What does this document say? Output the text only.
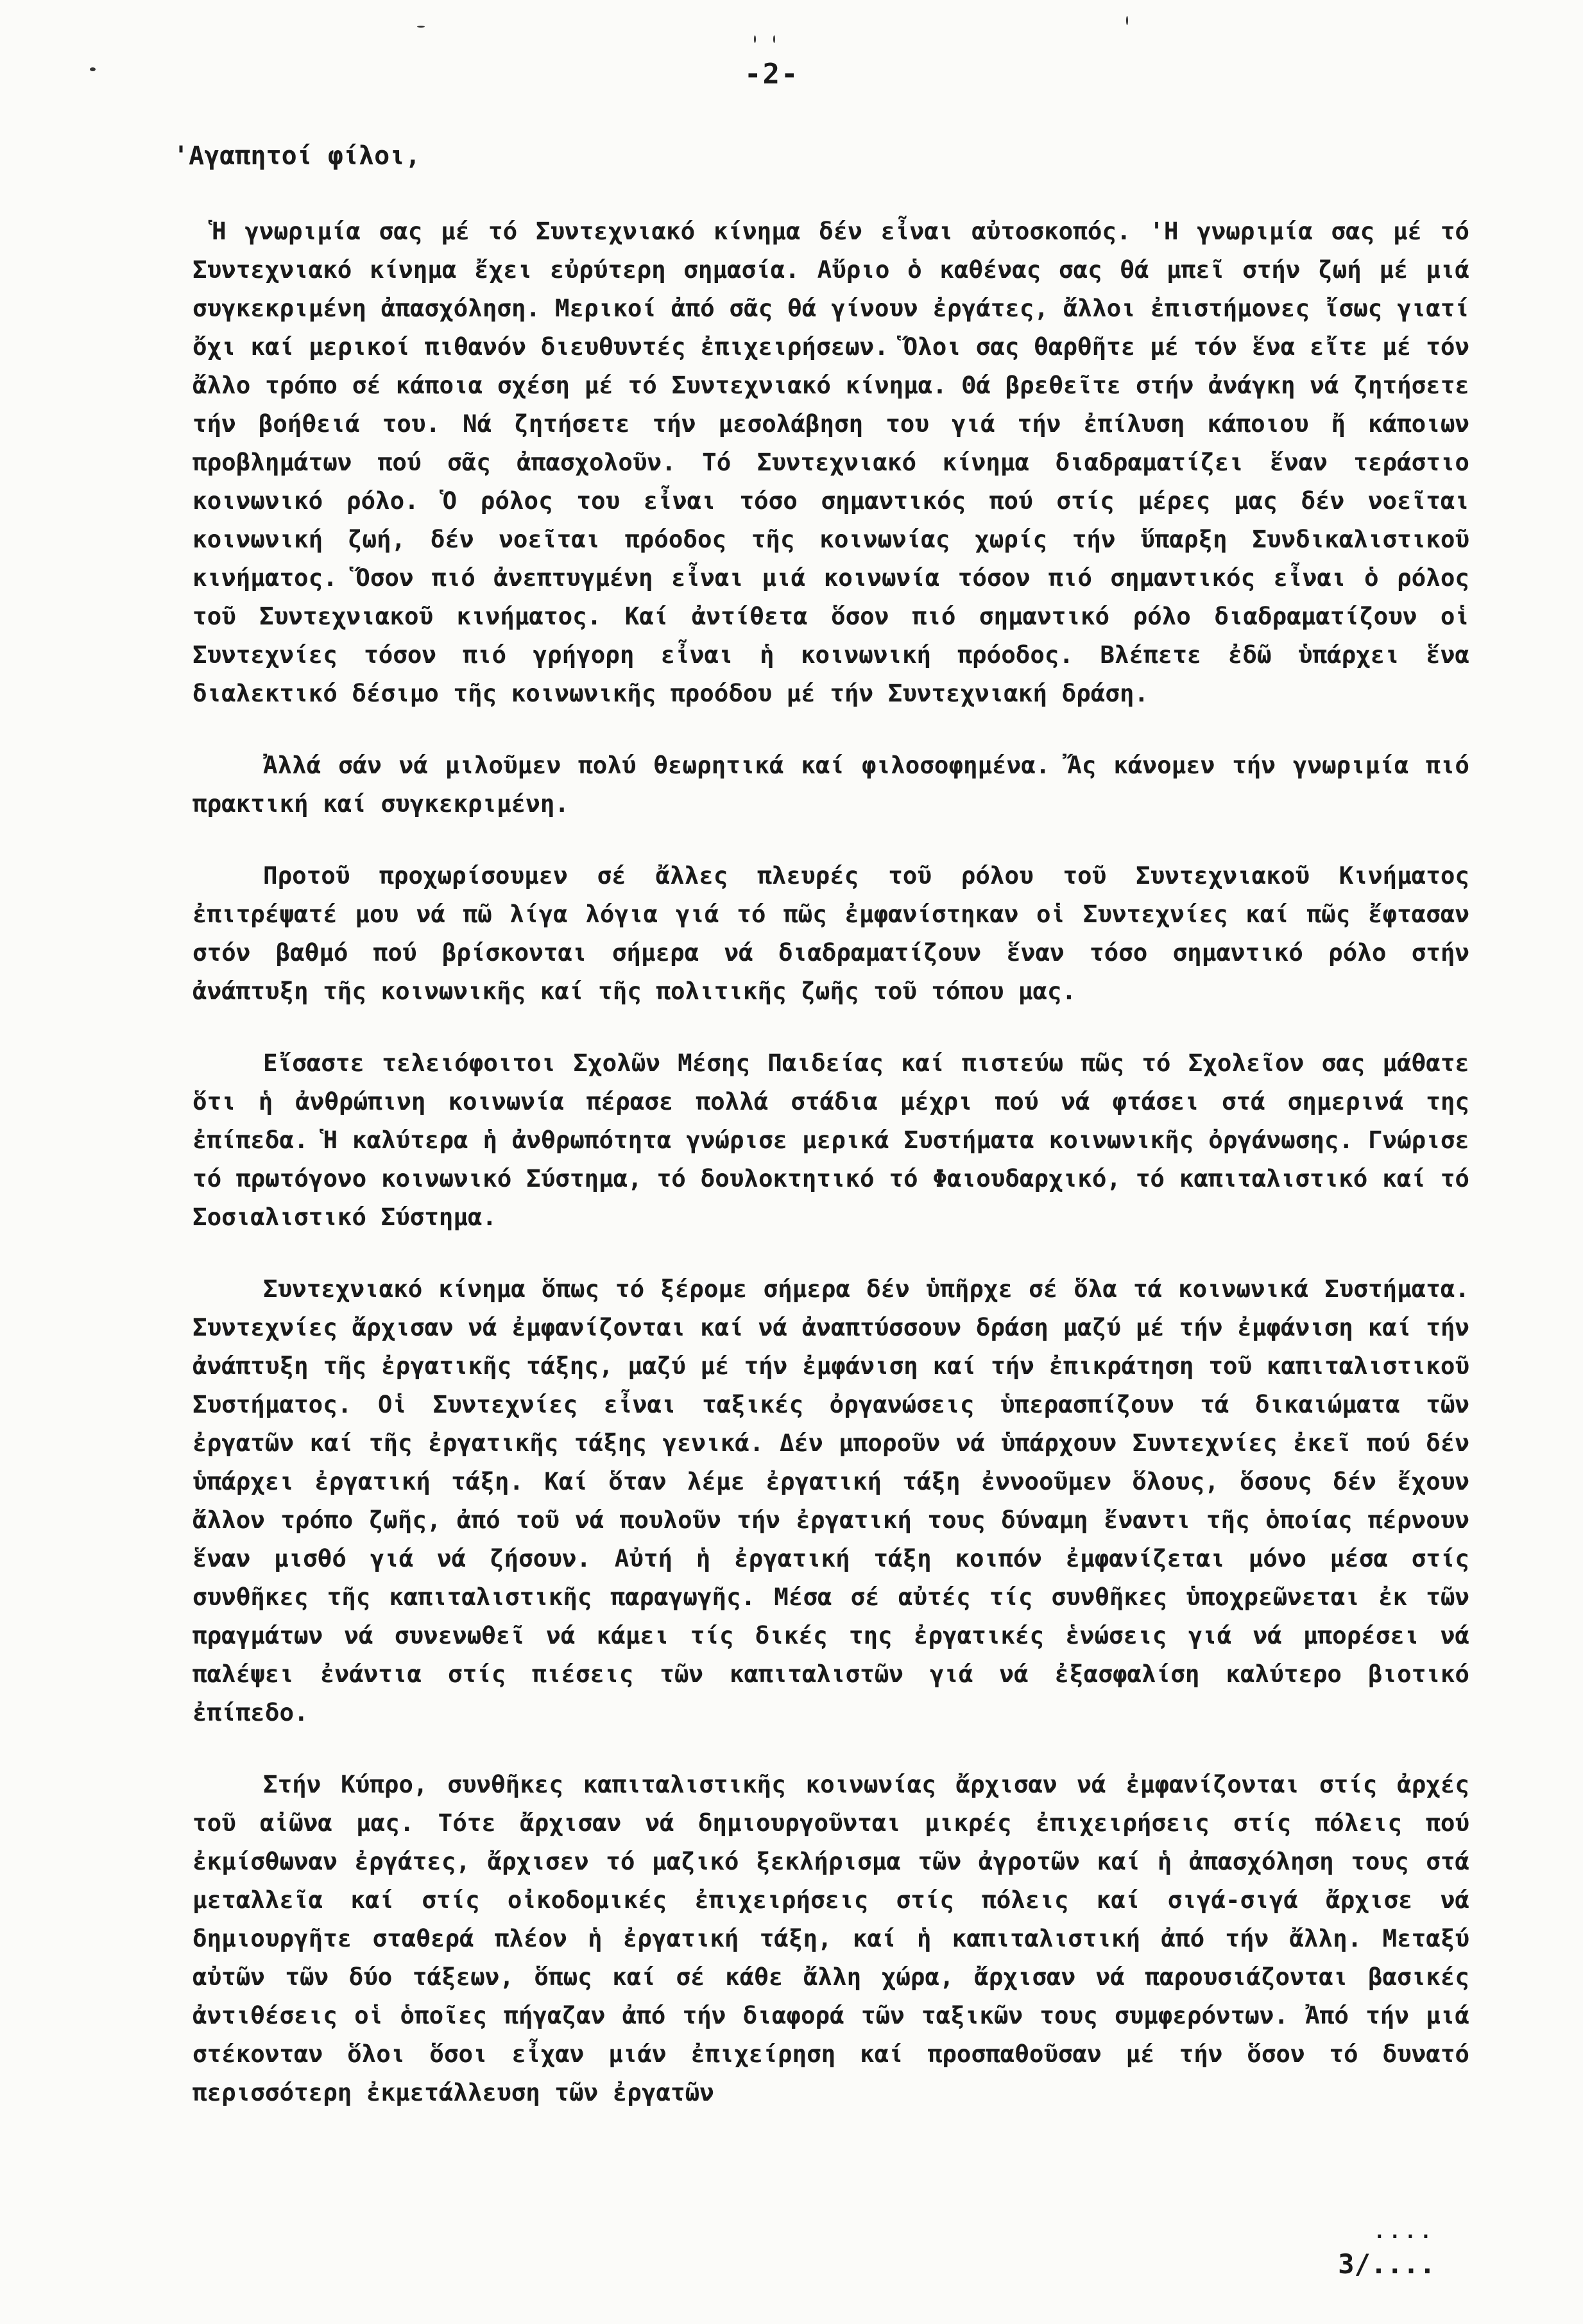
-2-
'Αγαπητοί φίλοι,

Ἡ γνωριμία σας μέ τό Συντεχνιακό κίνημα δέν εἶναι αὐτοσκοπός. 'Η γνωριμία σας μέ τό Συντεχνιακό κίνημα ἔχει εὐρύτερη σημασία. Αὔριο ὁ καθένας σας θά μπεῖ στήν ζωή μέ μιά συγκεκριμένη ἀπασχόληση. Μερικοί ἀπό σᾶς θά γίνουν ἐργάτες, ἄλλοι ἐπιστήμονες ἴσως γιατί ὄχι καί μερικοί πιθανόν διευθυντές ἐπιχειρήσεων. Ὅλοι σας θαρθῆτε μέ τόν ἕνα εἴτε μέ τόν ἄλλο τρόπο σέ κάποια σχέση μέ τό Συντεχνιακό κίνημα. Θά βρεθεῖτε στήν ἀνάγκη νά ζητήσετε τήν βοήθειά του. Νά ζητήσετε τήν μεσολάβηση του γιά τήν ἐπίλυση κάποιου ἤ κάποιων προβλημάτων πού σᾶς ἀπασχολοῦν. Τό Συντεχνιακό κίνημα διαδραματίζει ἕναν τεράστιο κοινωνικό ρόλο. Ὁ ρόλος του εἶναι τόσο σημαντικός πού στίς μέρες μας δέν νοεῖται κοινωνική ζωή, δέν νοεῖται πρόοδος τῆς κοινωνίας χωρίς τήν ὕπαρξη Συνδικαλιστικοῦ κινήματος. Ὅσον πιό ἀνεπτυγμένη εἶναι μιά κοινωνία τόσον πιό σημαντικός εἶναι ὁ ρόλος τοῦ Συντεχνιακοῦ κινήματος. Καί ἀντίθετα ὅσον πιό σημαντικό ρόλο διαδραματίζουν οἱ Συντεχνίες τόσον πιό γρήγορη εἶναι ἡ κοινωνική πρόοδος. Βλέπετε ἐδῶ ὑπάρχει ἕνα διαλεκτικό δέσιμο τῆς κοινωνικῆς προόδου μέ τήν Συντεχνιακή δράση.

Ἀλλά σάν νά μιλοῦμεν πολύ θεωρητικά καί φιλοσοφημένα. Ἄς κάνομεν τήν γνωριμία πιό πρακτική καί συγκεκριμένη.

Προτοῦ προχωρίσουμεν σέ ἄλλες πλευρές τοῦ ρόλου τοῦ Συντεχνιακοῦ Κινήματος ἐπιτρέψατέ μου νά πῶ λίγα λόγια γιά τό πῶς ἐμφανίστηκαν οἱ Συντεχνίες καί πῶς ἔφτασαν στόν βαθμό πού βρίσκονται σήμερα νά διαδραματίζουν ἕναν τόσο σημαντικό ρόλο στήν ἀνάπτυξη τῆς κοινωνικῆς καί τῆς πολιτικῆς ζωῆς τοῦ τόπου μας.

Εἴσαστε τελειόφοιτοι Σχολῶν Μέσης Παιδείας καί πιστεύω πῶς τό Σχολεῖον σας μάθατε ὅτι ἡ ἀνθρώπινη κοινωνία πέρασε πολλά στάδια μέχρι πού νά φτάσει στά σημερινά της ἐπίπεδα. Ἡ καλύτερα ἡ ἀνθρωπότητα γνώρισε μερικά Συστήματα κοινωνικῆς ὀργάνωσης. Γνώρισε τό πρωτόγονο κοινωνικό Σύστημα, τό δουλοκτητικό τό Φαιουδαρχικό, τό καπιταλιστικό καί τό Σοσιαλιστικό Σύστημα.

Συντεχνιακό κίνημα ὅπως τό ξέρομε σήμερα δέν ὑπῆρχε σέ ὅλα τά κοινωνικά Συστήματα. Συντεχνίες ἄρχισαν νά ἐμφανίζονται καί νά ἀναπτύσσουν δράση μαζύ μέ τήν ἐμφάνιση καί τήν ἀνάπτυξη τῆς ἐργατικῆς τάξης, μαζύ μέ τήν ἐμφάνιση καί τήν ἐπικράτηση τοῦ καπιταλιστικοῦ Συστήματος. Οἱ Συντεχνίες εἶναι ταξικές ὀργανώσεις ὑπερασπίζουν τά δικαιώματα τῶν ἐργατῶν καί τῆς ἐργατικῆς τάξης γενικά. Δέν μποροῦν νά ὑπάρχουν Συντεχνίες ἐκεῖ πού δέν ὑπάρχει ἐργατική τάξη. Καί ὅταν λέμε ἐργατική τάξη ἐννοοῦμεν ὅλους, ὅσους δέν ἔχουν ἄλλον τρόπο ζωῆς, ἀπό τοῦ νά πουλοῦν τήν ἐργατική τους δύναμη ἔναντι τῆς ὁποίας πέρνουν ἕναν μισθό γιά νά ζήσουν. Αὐτή ἡ ἐργατική τάξη κοιπόν ἐμφανίζεται μόνο μέσα στίς συνθῆκες τῆς καπιταλιστικῆς παραγωγῆς. Μέσα σέ αὐτές τίς συνθῆκες ὑποχρεῶνεται ἐκ τῶν πραγμάτων νά συνενωθεῖ νά κάμει τίς δικές της ἐργατικές ἑνώσεις γιά νά μπορέσει νά παλέψει ἐνάντια στίς πιέσεις τῶν καπιταλιστῶν γιά νά ἐξασφαλίση καλύτερο βιοτικό ἐπίπεδο.

Στήν Κύπρο, συνθῆκες καπιταλιστικῆς κοινωνίας ἄρχισαν νά ἐμφανίζονται στίς ἀρχές τοῦ αἰῶνα μας. Τότε ἄρχισαν νά δημιουργοῦνται μικρές ἐπιχειρήσεις στίς πόλεις πού ἐκμίσθωναν ἐργάτες, ἄρχισεν τό μαζικό ξεκλήρισμα τῶν ἀγροτῶν καί ἡ ἀπασχόληση τους στά μεταλλεῖα καί στίς οἰκοδομικές ἐπιχειρήσεις στίς πόλεις καί σιγά-σιγά ἄρχισε νά δημιουργῆτε σταθερά πλέον ἡ ἐργατική τάξη, καί ἡ καπιταλιστική ἀπό τήν ἄλλη. Μεταξύ αὐτῶν τῶν δύο τάξεων, ὅπως καί σέ κάθε ἄλλη χώρα, ἄρχισαν νά παρουσιάζονται βασικές ἀντιθέσεις οἱ ὁποῖες πήγαζαν ἀπό τήν διαφορά τῶν ταξικῶν τους συμφερόντων. Ἀπό τήν μιά στέκονταν ὅλοι ὅσοι εἶχαν μιάν ἐπιχείρηση καί προσπαθοῦσαν μέ τήν ὅσον τό δυνατό περισσότερη ἐκμετάλλευση τῶν ἐργατῶν

....
3/....
